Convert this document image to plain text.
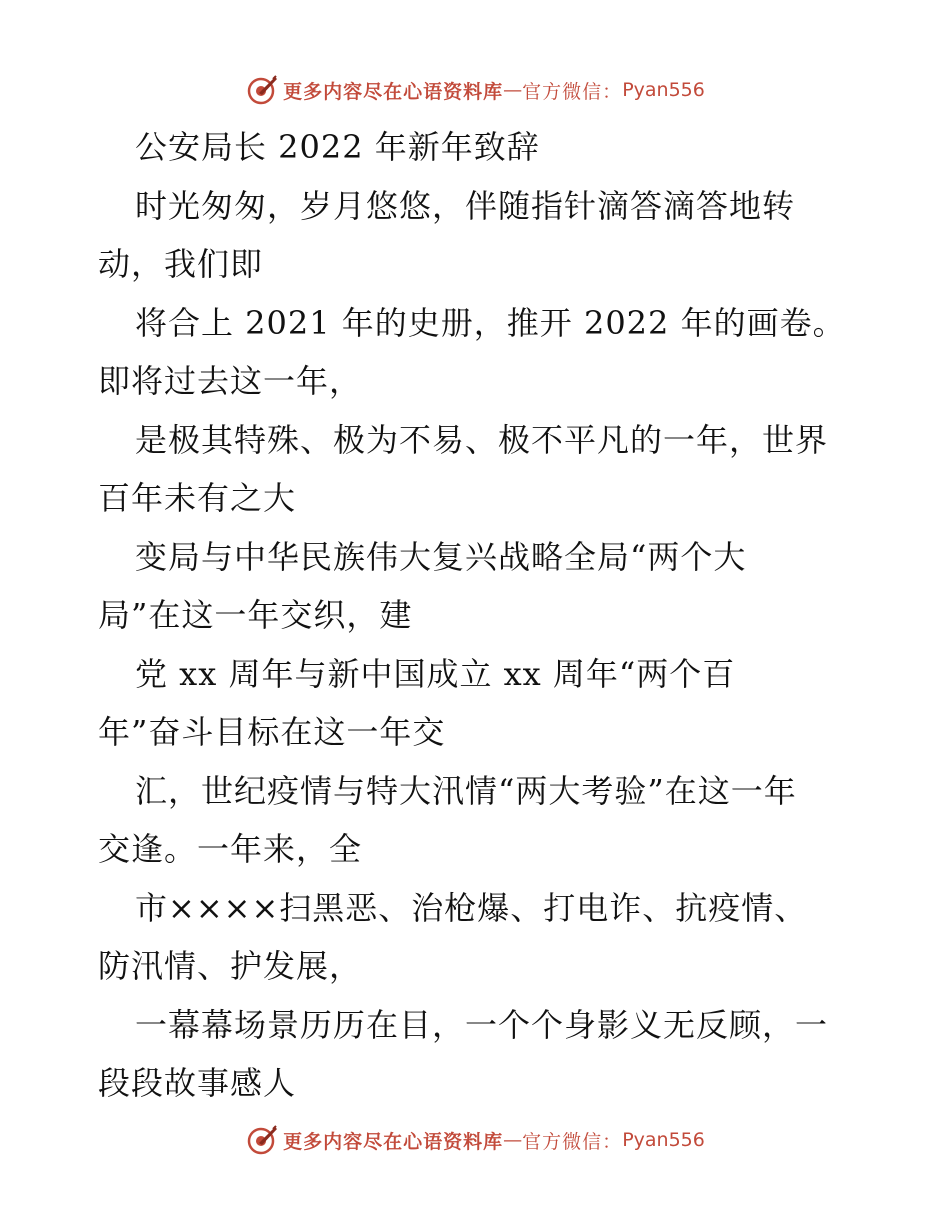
更多内容尽在心语资料库 — 官方微信： Pyan556
公安局长 2022 年新年致辞
时光匆匆，岁月悠悠，伴随指针滴答滴答地转
动，我们即
将合上 2021 年的史册，推开 2022 年的画卷。
即将过去这一年，
是极其特殊、极为不易、极不平凡的一年，世界
百年未有之大
变局与中华民族伟大复兴战略全局“两个大
局”在这一年交织，建
党 xx 周年与新中国成立 xx 周年“两个百
年”奋斗目标在这一年交
汇，世纪疫情与特大汛情“两大考验”在这一年
交逢。一年来，全
市××××扫黑恶、治枪爆、打电诈、抗疫情、
防汛情、护发展，
一幕幕场景历历在目，一个个身影义无反顾，一
段段故事感人
更多内容尽在心语资料库 — 官方微信： Pyan556
